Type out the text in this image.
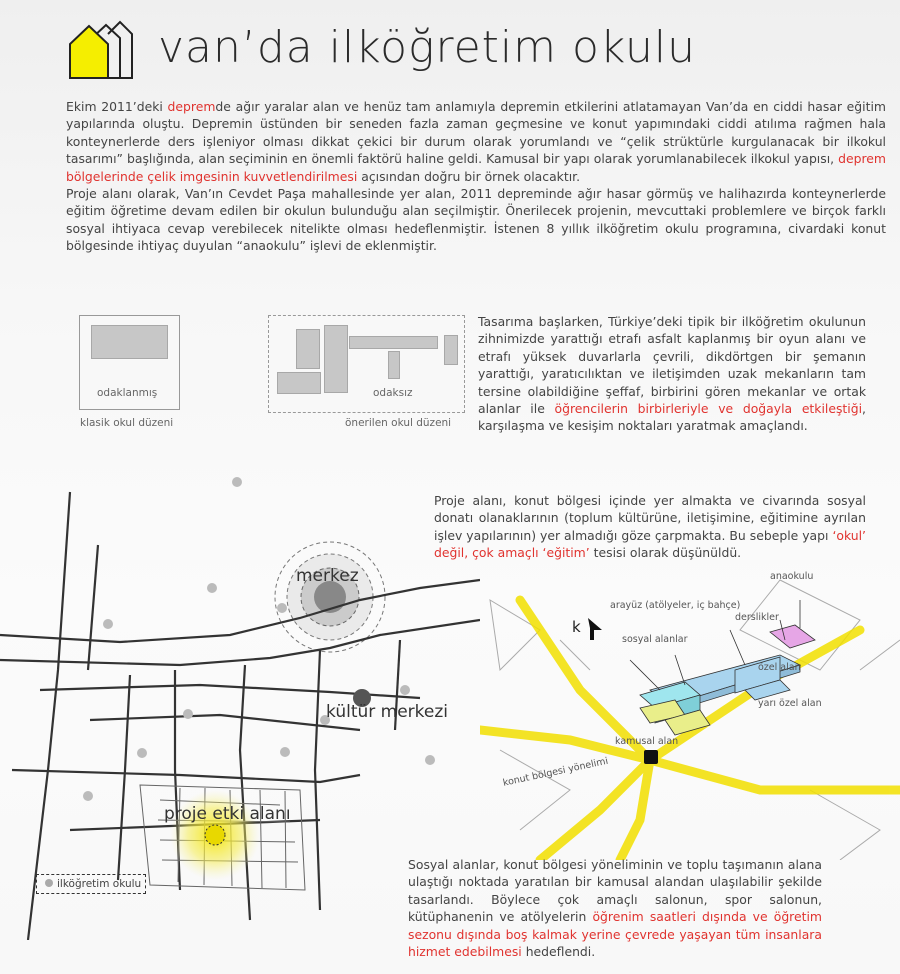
van’da ilköğretim okulu
Ekim 2011’deki depremde ağır yaralar alan ve henüz tam anlamıyla depremin etkilerini atlatamayan Van’da en ciddi hasar eğitim yapılarında oluştu. Depremin üstünden bir seneden fazla zaman geçmesine ve konut yapımındaki ciddi atılıma rağmen hala konteynerlerde ders işleniyor olması dikkat çekici bir durum olarak yorumlandı ve “çelik strüktürle kurgulanacak bir ilkokul tasarımı” başlığında, alan seçiminin en önemli faktörü haline geldi. Kamusal bir yapı olarak yorumlanabilecek ilkokul yapısı, deprem bölgelerinde çelik imgesinin kuvvetlendirilmesi açısından doğru bir örnek olacaktır.
Proje alanı olarak, Van’ın Cevdet Paşa mahallesinde yer alan, 2011 depreminde ağır hasar görmüş ve halihazırda konteynerlerde eğitim öğretime devam edilen bir okulun bulunduğu alan seçilmiştir. Önerilecek projenin, mevcuttaki problemlere ve birçok farklı sosyal ihtiyaca cevap verebilecek nitelikte olması hedeflenmiştir. İstenen 8 yıllık ilköğretim okulu programına, civardaki konut bölgesinde ihtiyaç duyulan “anaokulu” işlevi de eklenmiştir.
odaklanmış
klasik okul düzeni
odaksız
önerilen okul düzeni
Tasarıma başlarken, Türkiye’deki tipik bir ilköğretim okulunun zihnimizde yarattığı etrafı asfalt kaplanmış bir oyun alanı ve etrafı yüksek duvarlarla çevrili, dikdörtgen bir şemanın yarattığı, yaratıcılıktan ve iletişimden uzak mekanların tam tersine olabildiğine şeffaf, birbirini gören mekanlar ve ortak alanlar ile öğrencilerin birbirleriyle ve doğayla etkileştiği, karşılaşma ve kesişim noktaları yaratmak amaçlandı.
Proje alanı, konut bölgesi içinde yer almakta ve civarında sosyal donatı olanaklarının (toplum kültürüne, iletişimine, eğitimine ayrılan işlev yapılarının) yer almadığı göze çarpmakta. Bu sebeple yapı ‘okul’ değil, çok amaçlı ‘eğitim’ tesisi olarak düşünüldü.
merkez
kültür merkezi
proje etki alanı
ilköğretim okulu
anaokulu
arayüz (atölyeler, iç bahçe)
derslikler
sosyal alanlar
özel alan
yarı özel alan
kamusal alan
konut bölgesi yönelimi
k
Sosyal alanlar, konut bölgesi yöneliminin ve toplu taşımanın alana ulaştığı noktada yaratılan bir kamusal alandan ulaşılabilir şekilde tasarlandı. Böylece çok amaçlı salonun, spor salonun, kütüphanenin ve atölyelerin öğrenim saatleri dışında ve öğretim sezonu dışında boş kalmak yerine çevrede yaşayan tüm insanlara hizmet edebilmesi hedeflendi.
